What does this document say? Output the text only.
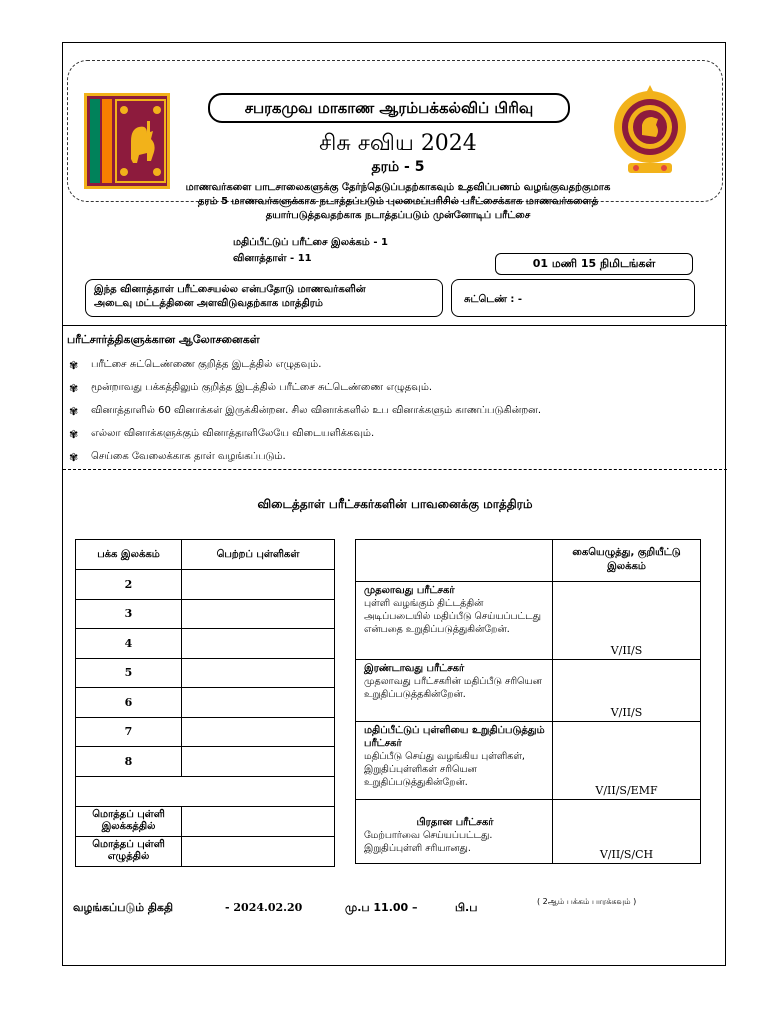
சபரகமுவ மாகாண ஆரம்பக்கல்விப் பிரிவு
சிசு சவிய 2024
தரம் - 5
மாணவர்களை பாடசாலைகளுக்கு தேர்ந்தெடுப்பதற்காகவும் உதவிப்பணம் வழங்குவதற்குமாக
தரம் 5 மாணவர்களுக்காக நடாத்தப்படும் புலமைப்பரிசில் பரீட்சைக்காக மாணவர்களைத்
தயார்படுத்தவதற்காக நடாத்தப்படும் முன்னோடிப் பரீட்சை
மதிப்பீட்டுப் பரீட்சை இலக்கம் - 1
வினாத்தாள் - 11	01 மணி 15 நிமிடங்கள்
இந்த வினாத்தாள் பரீட்சையல்ல என்பதோடு மாணவர்களின்
அடைவு மட்டத்தினை அளவிடுவதற்காக மாத்திரம்	சுட்டெண் : -
பரீட்சார்த்திகளுக்கான ஆலோசனைகள்
✾	பரீட்சை சுட்டெண்ணை குறித்த இடத்தில் எழுதவும்.
✾	மூன்றாவது பக்கத்திலும் குறித்த இடத்தில் பரீட்சை சுட்டெண்ணை எழுதவும்.
✾	வினாத்தாளில் 60 வினாக்கள் இருக்கின்றன. சில வினாக்களில் உப வினாக்களும் காணப்படுகின்றன.
✾	எல்லா வினாக்களுக்கும் வினாத்தாளிலேயே விடையளிக்கவும்.
✾	செய்கை வேலைக்காக தாள் வழங்கப்படும்.
விடைத்தாள் பரீட்சகர்களின் பாவனைக்கு மாத்திரம்
பக்க இலக்கம்	பெற்றப் புள்ளிகள்
2	
3	
4	
5	
6	
7	
8	

மொத்தப் புள்ளி இலக்கத்தில்	
மொத்தப் புள்ளி எழுத்தில்	
	கையெழுத்து, குறியீட்டு இலக்கம்

முதலாவது பரீட்சகர்
புள்ளி வழங்கும் திட்டத்தின் அடிப்படையில் மதிப்பீடு செய்யப்பட்டது என்பதை உறுதிப்படுத்துகின்றேன்.	V/II/S

இரண்டாவது பரீட்சகர்
முதலாவது பரீட்சகரின் மதிப்பீடு சரியென உறுதிப்படுத்தகின்றேன்.	V/II/S

மதிப்பீட்டுப் புள்ளியை உறுதிப்படுத்தும் பரீட்சகர்
மதிப்பீடு செய்து வழங்கிய புள்ளிகள், இறுதிப்புள்ளிகள் சரியென உறுதிப்படுத்துகின்றேன்.	V/II/S/EMF

பிரதான பரீட்சகர்
மேற்பார்வை செய்யப்பட்டது. இறுதிப்புள்ளி சரியானது.	V/II/S/CH
வழங்கப்படும் திகதி	- 2024.02.20	மு.ப 11.00 –	பி.ப	( 2ஆம் பக்கம் பாரக்கவும் )
